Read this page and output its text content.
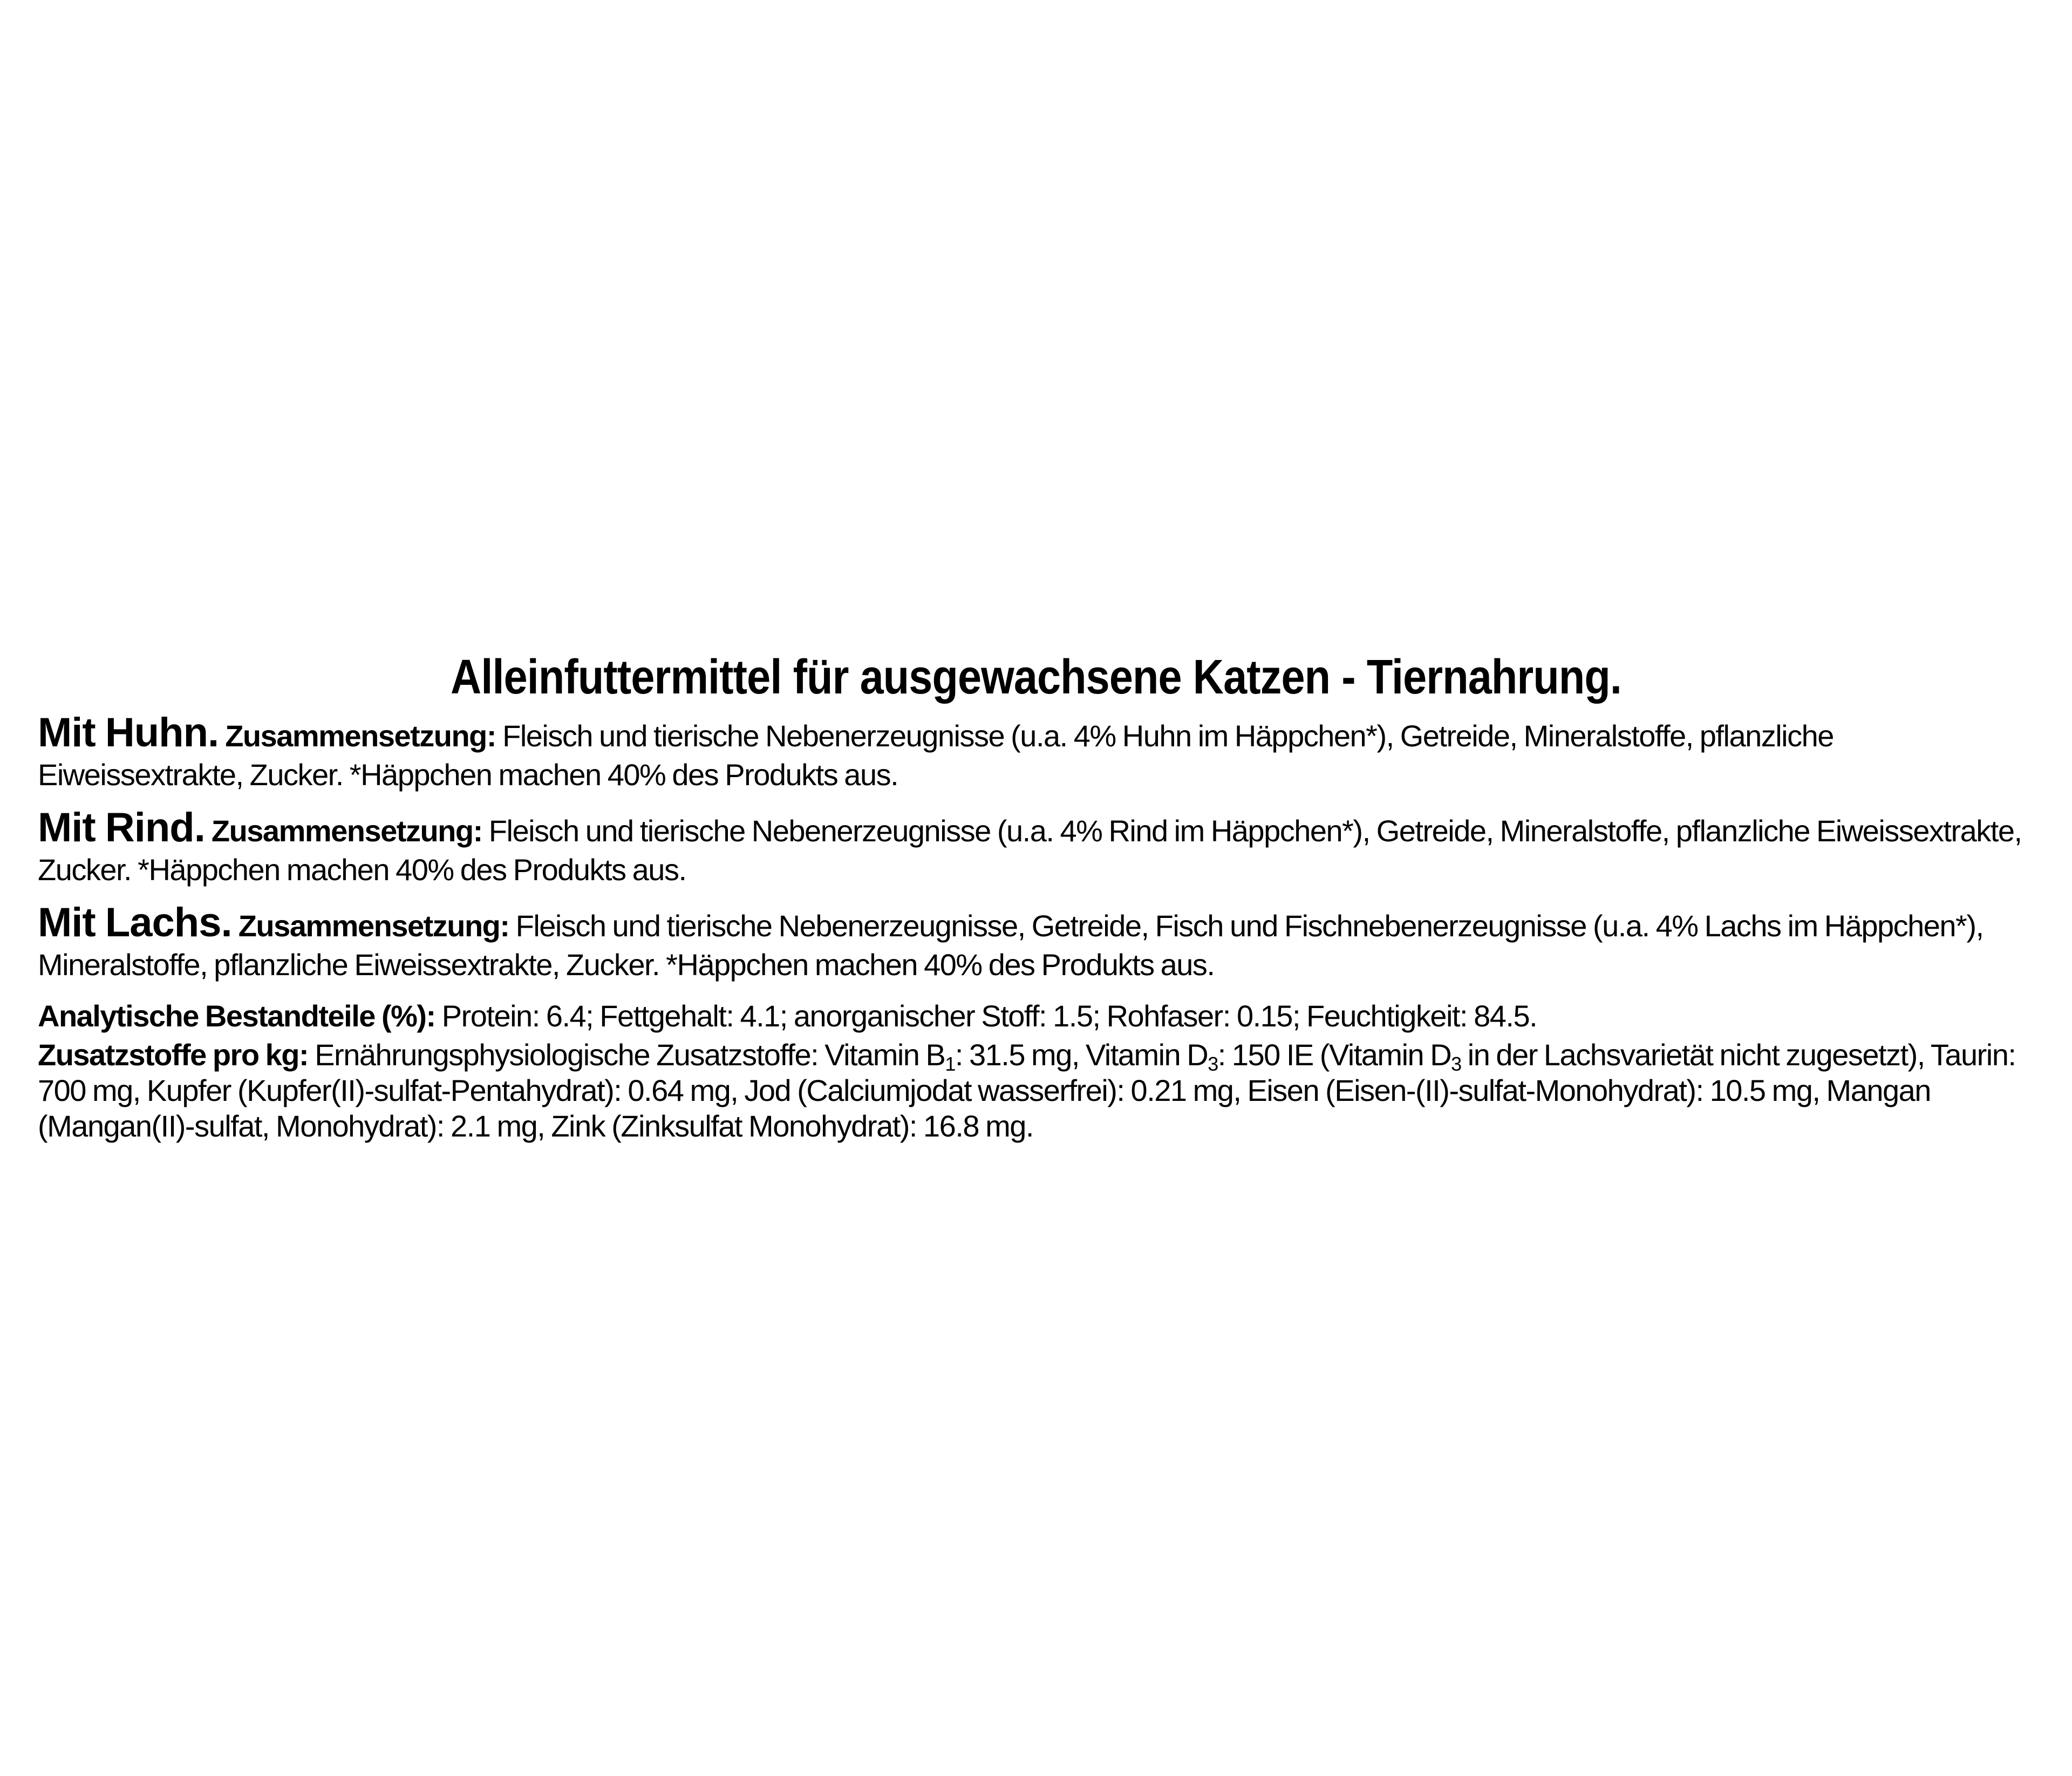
Alleinfuttermittel für ausgewachsene Katzen - Tiernahrung.

Mit Huhn. Zusammensetzung: Fleisch und tierische Nebenerzeugnisse (u.a. 4% Huhn im Häppchen*), Getreide, Mineralstoffe, pflanzliche Eiweissextrakte, Zucker. *Häppchen machen 40% des Produkts aus.

Mit Rind. Zusammensetzung: Fleisch und tierische Nebenerzeugnisse (u.a. 4% Rind im Häppchen*), Getreide, Mineralstoffe, pflanzliche Eiweissextrakte, Zucker. *Häppchen machen 40% des Produkts aus.

Mit Lachs. Zusammensetzung: Fleisch und tierische Nebenerzeugnisse, Getreide, Fisch und Fischnebenerzeugnisse (u.a. 4% Lachs im Häppchen*), Mineralstoffe, pflanzliche Eiweissextrakte, Zucker. *Häppchen machen 40% des Produkts aus.

Analytische Bestandteile (%): Protein: 6.4; Fettgehalt: 4.1; anorganischer Stoff: 1.5; Rohfaser: 0.15; Feuchtigkeit: 84.5.

Zusatzstoffe pro kg: Ernährungsphysiologische Zusatzstoffe: Vitamin $B_1$: 31.5 mg, Vitamin $D_3$: 150 IE (Vitamin $D_3$ in der Lachsvarietät nicht zugesetzt), Taurin: 700 mg, Kupfer (Kupfer(II)-sulfat-Pentahydrat): 0.64 mg, Jod (Calciumjodat wasserfrei): 0.21 mg, Eisen (Eisen-(II)-sulfat-Monohydrat): 10.5 mg, Mangan (Mangan(II)-sulfat, Monohydrat): 2.1 mg, Zink (Zinksulfat Monohydrat): 16.8 mg.
